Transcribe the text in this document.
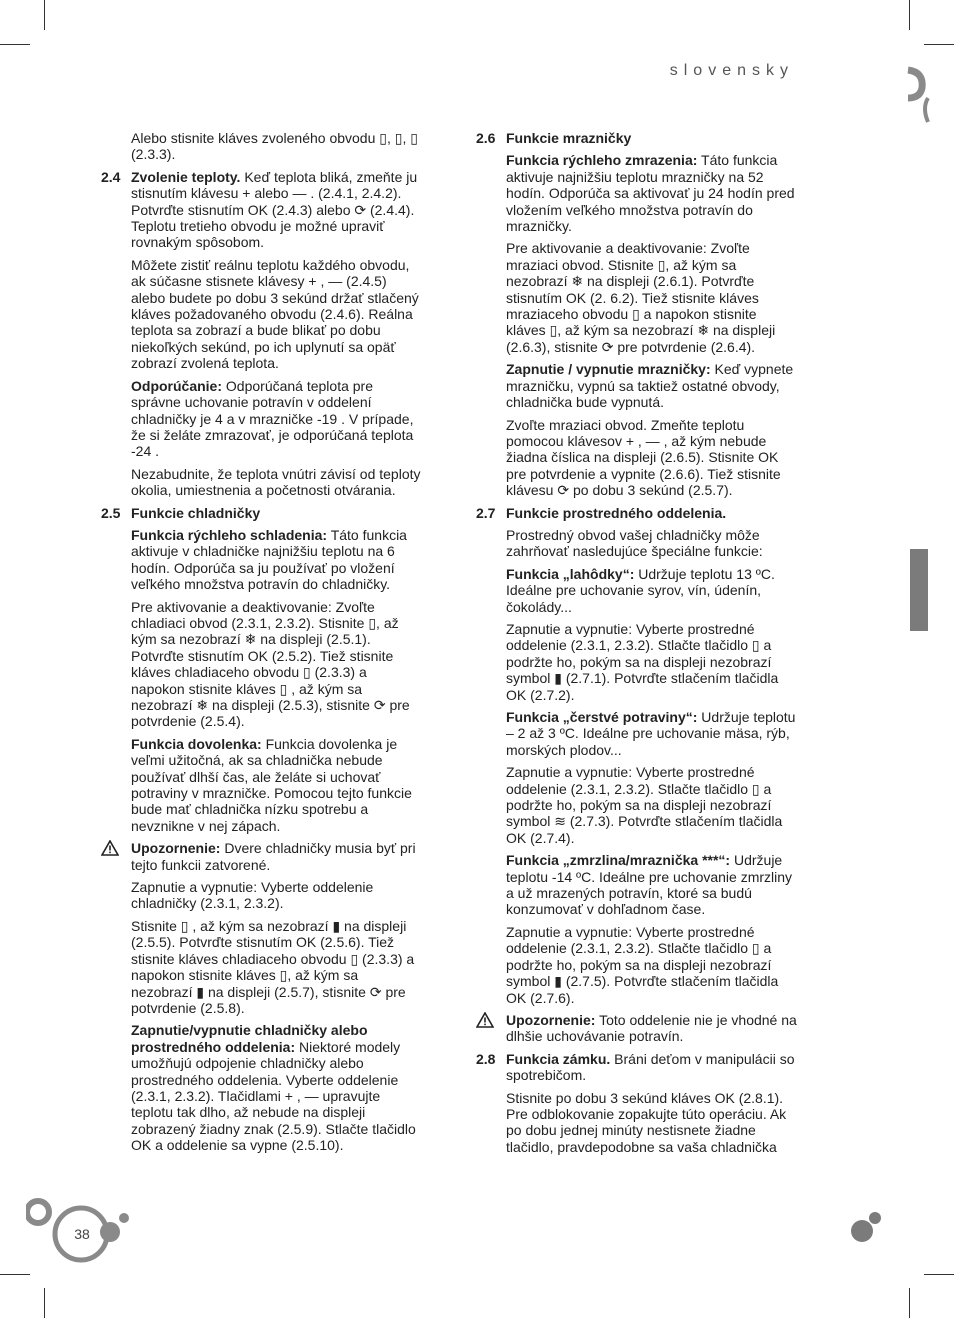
slovensky
Alebo stisnite kláves zvoleného obvodu ▯, ▯, ▯ (2.3.3).
2.4 Zvolenie teploty. Keď teplota bliká, zmeňte ju stisnutím klávesu + alebo — . (2.4.1, 2.4.2). Potvrďte stisnutím OK (2.4.3) alebo ⟳ (2.4.4). Teplotu tretieho obvodu je možné upraviť rovnakým spôsobom.
Môžete zistiť reálnu teplotu každého obvodu, ak súčasne stisnete klávesy + , — (2.4.5) alebo budete po dobu 3 sekúnd držať stlačený kláves požadovaného obvodu (2.4.6). Reálna teplota sa zobrazí a bude blikať po dobu niekoľkých sekúnd, po ich uplynutí sa opäť zobrazí zvolená teplota.
Odporúčanie: Odporúčaná teplota pre správne uchovanie potravín v oddelení chladničky je 4 a v mrazničke -19 . V prípade, že si želáte zmrazovať, je odporúčaná teplota -24 .
Nezabudnite, že teplota vnútri závisí od teploty okolia, umiestnenia a početnosti otvárania.
2.5 Funkcie chladničky
Funkcia rýchleho schladenia: Táto funkcia aktivuje v chladničke najnižšiu teplotu na 6 hodín. Odporúča sa ju používať po vložení veľkého množstva potravín do chladničky.
Pre aktivovanie a deaktivovanie: Zvoľte chladiaci obvod (2.3.1, 2.3.2). Stisnite ▯, až kým sa nezobrazí ❄ na displeji (2.5.1). Potvrďte stisnutím OK (2.5.2). Tiež stisnite kláves chladiaceho obvodu ▯ (2.3.3) a napokon stisnite kláves ▯ , až kým sa nezobrazí ❄ na displeji (2.5.3), stisnite ⟳ pre potvrdenie (2.5.4).
Funkcia dovolenka: Funkcia dovolenka je veľmi užitočná, ak sa chladnička nebude používať dlhší čas, ale želáte si uchovať potraviny v mrazničke. Pomocou tejto funkcie bude mať chladnička nízku spotrebu a nevznikne v nej zápach.
Upozornenie: Dvere chladničky musia byť pri tejto funkcii zatvorené.
Zapnutie a vypnutie: Vyberte oddelenie chladničky (2.3.1, 2.3.2).
Stisnite ▯ , až kým sa nezobrazí ▮ na displeji (2.5.5). Potvrďte stisnutím OK (2.5.6). Tiež stisnite kláves chladiaceho obvodu ▯ (2.3.3) a napokon stisnite kláves ▯, až kým sa nezobrazí ▮ na displeji (2.5.7), stisnite ⟳ pre potvrdenie (2.5.8).
Zapnutie/vypnutie chladničky alebo prostredného oddelenia: Niektoré modely umožňujú odpojenie chladničky alebo prostredného oddelenia. Vyberte oddelenie (2.3.1, 2.3.2). Tlačidlami + , — upravujte teplotu tak dlho, až nebude na displeji zobrazený žiadny znak (2.5.9). Stlačte tlačidlo OK a oddelenie sa vypne (2.5.10).
2.6 Funkcie mrazničky
Funkcia rýchleho zmrazenia: Táto funkcia aktivuje najnižšiu teplotu mrazničky na 52 hodín. Odporúča sa aktivovať ju 24 hodín pred vložením veľkého množstva potravín do mrazničky.
Pre aktivovanie a deaktivovanie: Zvoľte mraziaci obvod. Stisnite ▯, až kým sa nezobrazí ❄ na displeji (2.6.1). Potvrďte stisnutím OK (2. 6.2). Tiež stisnite kláves mraziaceho obvodu ▯ a napokon stisnite kláves ▯, až kým sa nezobrazí ❄ na displeji (2.6.3), stisnite ⟳ pre potvrdenie (2.6.4).
Zapnutie / vypnutie mrazničky: Keď vypnete mrazničku, vypnú sa taktiež ostatné obvody, chladnička bude vypnutá.
Zvoľte mraziaci obvod. Zmeňte teplotu pomocou klávesov + , — , až kým nebude žiadna číslica na displeji (2.6.5). Stisnite OK pre potvrdenie a vypnite (2.6.6). Tiež stisnite klávesu ⟳ po dobu 3 sekúnd (2.5.7).
2.7 Funkcie prostredného oddelenia.
Prostredný obvod vašej chladničky môže zahrňovať nasledujúce špeciálne funkcie:
Funkcia „lahôdky“: Udržuje teplotu 13 ºC. Ideálne pre uchovanie syrov, vín, údenín, čokolády...
Zapnutie a vypnutie: Vyberte prostredné oddelenie (2.3.1, 2.3.2). Stlačte tlačidlo ▯ a podržte ho, pokým sa na displeji nezobrazí symbol ▮ (2.7.1). Potvrďte stlačením tlačidla OK (2.7.2).
Funkcia „čerstvé potraviny“: Udržuje teplotu – 2 až 3 ºC. Ideálne pre uchovanie mäsa, rýb, morských plodov...
Zapnutie a vypnutie: Vyberte prostredné oddelenie (2.3.1, 2.3.2). Stlačte tlačidlo ▯ a podržte ho, pokým sa na displeji nezobrazí symbol ≋ (2.7.3). Potvrďte stlačením tlačidla OK (2.7.4).
Funkcia „zmrzlina/mraznička ***“: Udržuje teplotu -14 ºC. Ideálne pre uchovanie zmrzliny a už mrazených potravín, ktoré sa budú konzumovať v dohľadnom čase.
Zapnutie a vypnutie: Vyberte prostredné oddelenie (2.3.1, 2.3.2). Stlačte tlačidlo ▯ a podržte ho, pokým sa na displeji nezobrazí symbol ▮ (2.7.5). Potvrďte stlačením tlačidla OK (2.7.6).
Upozornenie: Toto oddelenie nie je vhodné na dlhšie uchovávanie potravín.
2.8 Funkcia zámku. Bráni deťom v manipulácii so spotrebičom.
Stisnite po dobu 3 sekúnd kláves OK (2.8.1). Pre odblokovanie zopakujte túto operáciu. Ak po dobu jednej minúty nestisnete žiadne tlačidlo, pravdepodobne sa vaša chladnička
38
